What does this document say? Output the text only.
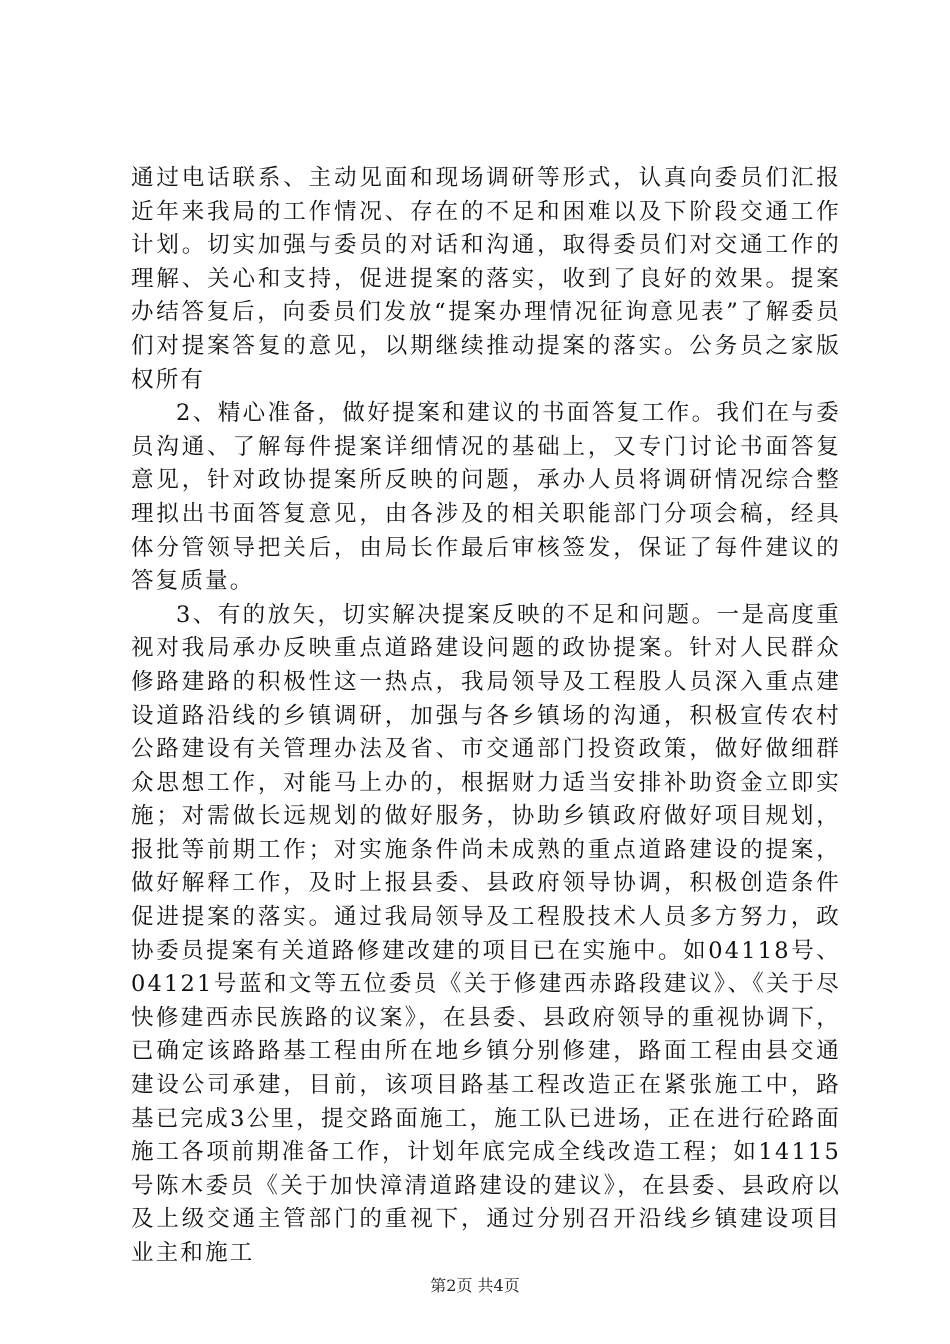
通过电话联系、主动见面和现场调研等形式，认真向委员们汇报近年来我局的工作情况、存在的不足和困难以及下阶段交通工作计划。切实加强与委员的对话和沟通，取得委员们对交通工作的理解、关心和支持，促进提案的落实，收到了良好的效果。提案办结答复后，向委员们发放“提案办理情况征询意见表”了解委员们对提案答复的意见，以期继续推动提案的落实。公务员之家版权所有

2、精心准备，做好提案和建议的书面答复工作。我们在与委员沟通、了解每件提案详细情况的基础上，又专门讨论书面答复意见，针对政协提案所反映的问题，承办人员将调研情况综合整理拟出书面答复意见，由各涉及的相关职能部门分项会稿，经具体分管领导把关后，由局长作最后审核签发，保证了每件建议的答复质量。

3、有的放矢，切实解决提案反映的不足和问题。一是高度重视对我局承办反映重点道路建设问题的政协提案。针对人民群众修路建路的积极性这一热点，我局领导及工程股人员深入重点建设道路沿线的乡镇调研，加强与各乡镇场的沟通，积极宣传农村公路建设有关管理办法及省、市交通部门投资政策，做好做细群众思想工作，对能马上办的，根据财力适当安排补助资金立即实施；对需做长远规划的做好服务，协助乡镇政府做好项目规划，报批等前期工作；对实施条件尚未成熟的重点道路建设的提案，做好解释工作，及时上报县委、县政府领导协调，积极创造条件促进提案的落实。通过我局领导及工程股技术人员多方努力，政协委员提案有关道路修建改建的项目已在实施中。如04118号、04121号蓝和文等五位委员《关于修建西赤路段建议》、《关于尽快修建西赤民族路的议案》，在县委、县政府领导的重视协调下，已确定该路路基工程由所在地乡镇分别修建，路面工程由县交通建设公司承建，目前，该项目路基工程改造正在紧张施工中，路基已完成3公里，提交路面施工，施工队已进场，正在进行砼路面施工各项前期准备工作，计划年底完成全线改造工程；如14115号陈木委员《关于加快漳清道路建设的建议》，在县委、县政府以及上级交通主管部门的重视下，通过分别召开沿线乡镇建设项目业主和施工

第2页 共4页
